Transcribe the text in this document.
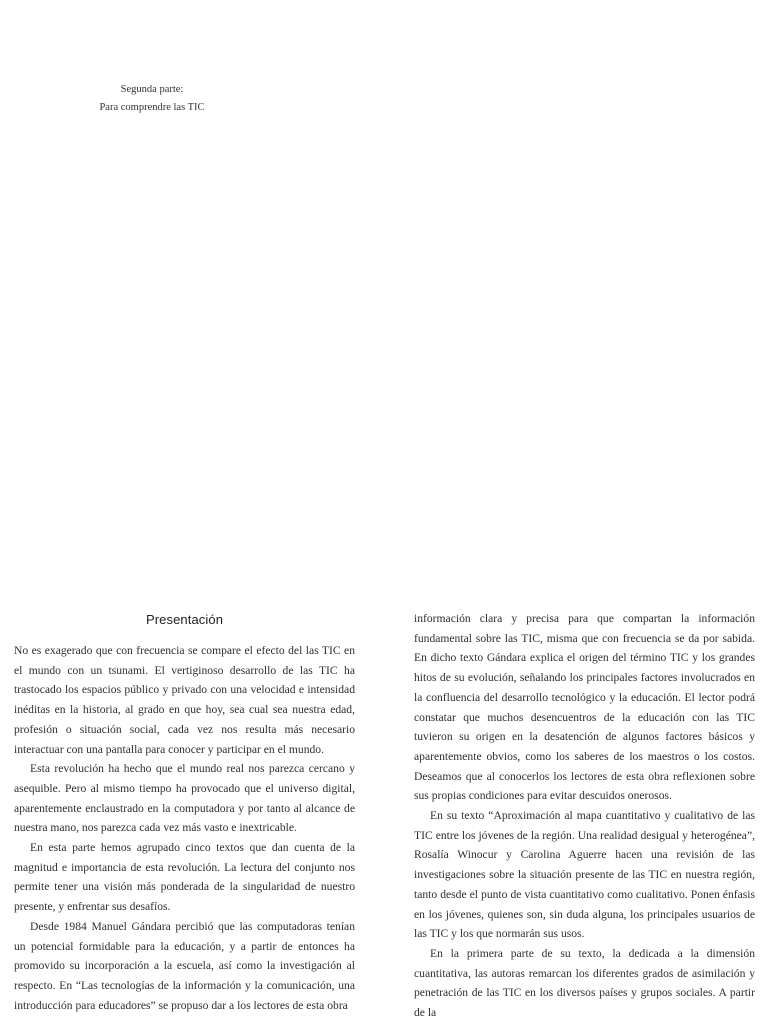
Segunda parte:
Para comprendre las TIC
Presentación

No es exagerado que con frecuencia se compare el efecto del las TIC en el mundo con un tsunami. El vertiginoso desarrollo de las TIC ha trastocado los espacios público y privado con una velocidad e intensidad inéditas en la historia, al grado en que hoy, sea cual sea nuestra edad, profesión o situación social, cada vez nos resulta más necesario interactuar con una pantalla para conocer y participar en el mundo.

Esta revolución ha hecho que el mundo real nos parezca cercano y asequible. Pero al mismo tiempo ha provocado que el universo digital, aparentemente enclaustrado en la computadora y por tanto al alcance de nuestra mano, nos parezca cada vez más vasto e inextricable.

En esta parte hemos agrupado cinco textos que dan cuenta de la magnitud e importancia de esta revolución. La lectura del conjunto nos permite tener una visión más ponderada de la singularidad de nuestro presente, y enfrentar sus desafíos.

Desde 1984 Manuel Gándara percibió que las computadoras tenían un potencial formidable para la educación, y a partir de entonces ha promovido su incorporación a la escuela, así como la investigación al respecto. En “Las tecnologías de la información y la comunicación, una introducción para educadores” se propuso dar a los lectores de esta obra

información clara y precisa para que compartan la información fundamental sobre las TIC, misma que con frecuencia se da por sabida. En dicho texto Gándara explica el origen del término TIC y los grandes hitos de su evolución, señalando los principales factores involucrados en la confluencia del desarrollo tecnológico y la educación. El lector podrá constatar que muchos desencuentros de la educación con las TIC tuvieron su origen en la desatención de algunos factores básicos y aparentemente obvios, como los saberes de los maestros o los costos. Deseamos que al conocerlos los lectores de esta obra reflexionen sobre sus propias condiciones para evitar descuidos onerosos.

En su texto “Aproximación al mapa cuantitativo y cualitativo de las TIC entre los jóvenes de la región. Una realidad desigual y heterogénea”, Rosalía Winocur y Carolina Aguerre hacen una revisión de las investigaciones sobre la situación presente de las TIC en nuestra región, tanto desde el punto de vista cuantitativo como cualitativo. Ponen énfasis en los jóvenes, quienes son, sin duda alguna, los principales usuarios de las TIC y los que normarán sus usos.

En la primera parte de su texto, la dedicada a la dimensión cuantitativa, las autoras remarcan los diferentes grados de asimilación y penetración de las TIC en los diversos países y grupos sociales. A partir de la
